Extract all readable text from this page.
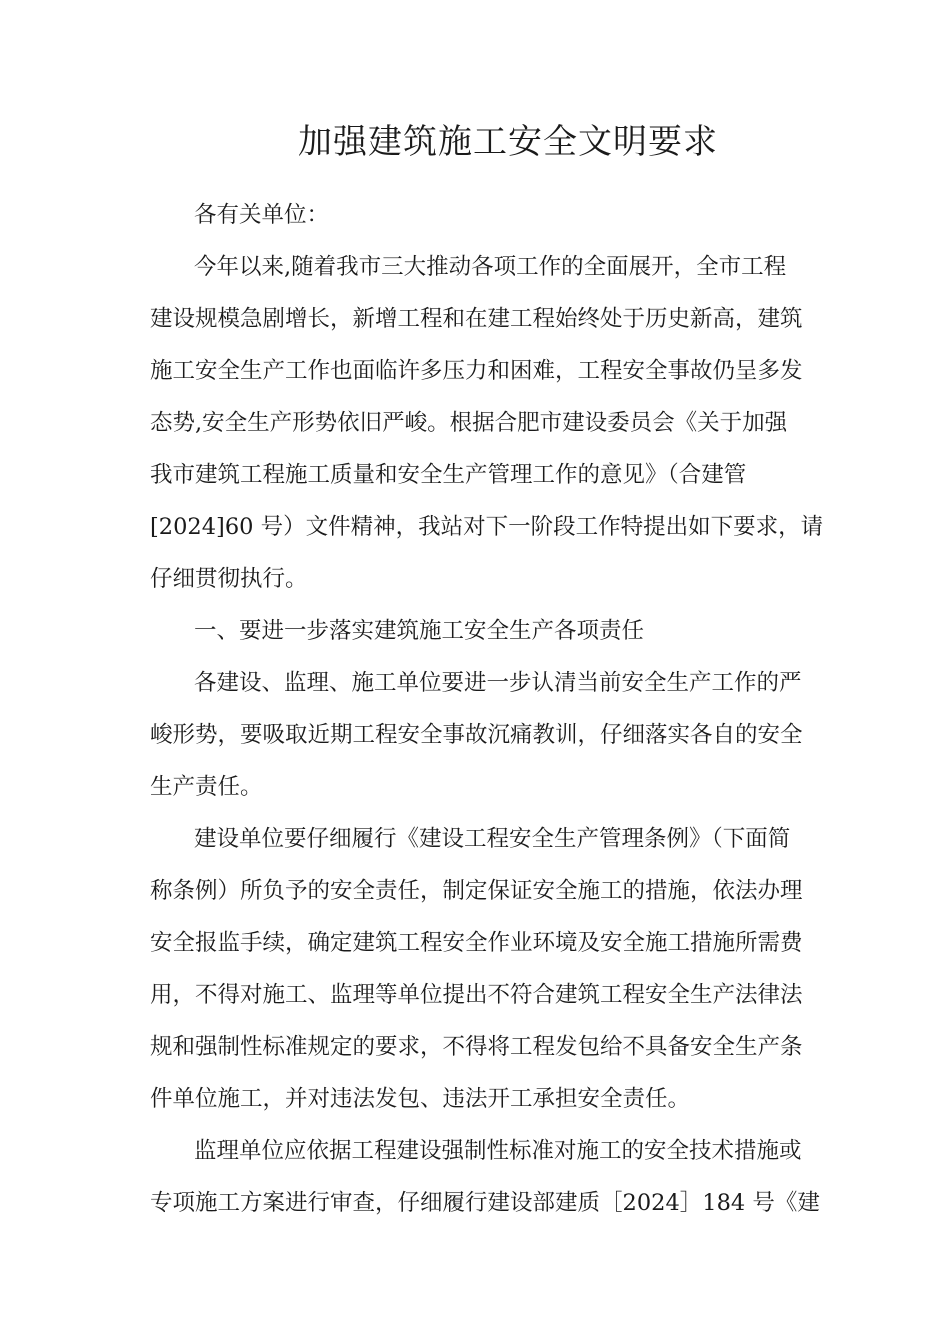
加强建筑施工安全文明要求
各有关单位：
今年以来,随着我市三大推动各项工作的全面展开，全市工程
建设规模急剧增长，新增工程和在建工程始终处于历史新高，建筑
施工安全生产工作也面临许多压力和困难，工程安全事故仍呈多发
态势,安全生产形势依旧严峻。根据合肥市建设委员会《关于加强
我市建筑工程施工质量和安全生产管理工作的意见》（合建管
[2024]60 号）文件精神，我站对下一阶段工作特提出如下要求，请
仔细贯彻执行。
一、要进一步落实建筑施工安全生产各项责任
各建设、监理、施工单位要进一步认清当前安全生产工作的严
峻形势，要吸取近期工程安全事故沉痛教训，仔细落实各自的安全
生产责任。
建设单位要仔细履行《建设工程安全生产管理条例》（下面简
称条例）所负予的安全责任，制定保证安全施工的措施，依法办理
安全报监手续，确定建筑工程安全作业环境及安全施工措施所需费
用，不得对施工、监理等单位提出不符合建筑工程安全生产法律法
规和强制性标准规定的要求，不得将工程发包给不具备安全生产条
件单位施工，并对违法发包、违法开工承担安全责任。
监理单位应依据工程建设强制性标准对施工的安全技术措施或
专项施工方案进行审查，仔细履行建设部建质［2024］184 号《建
